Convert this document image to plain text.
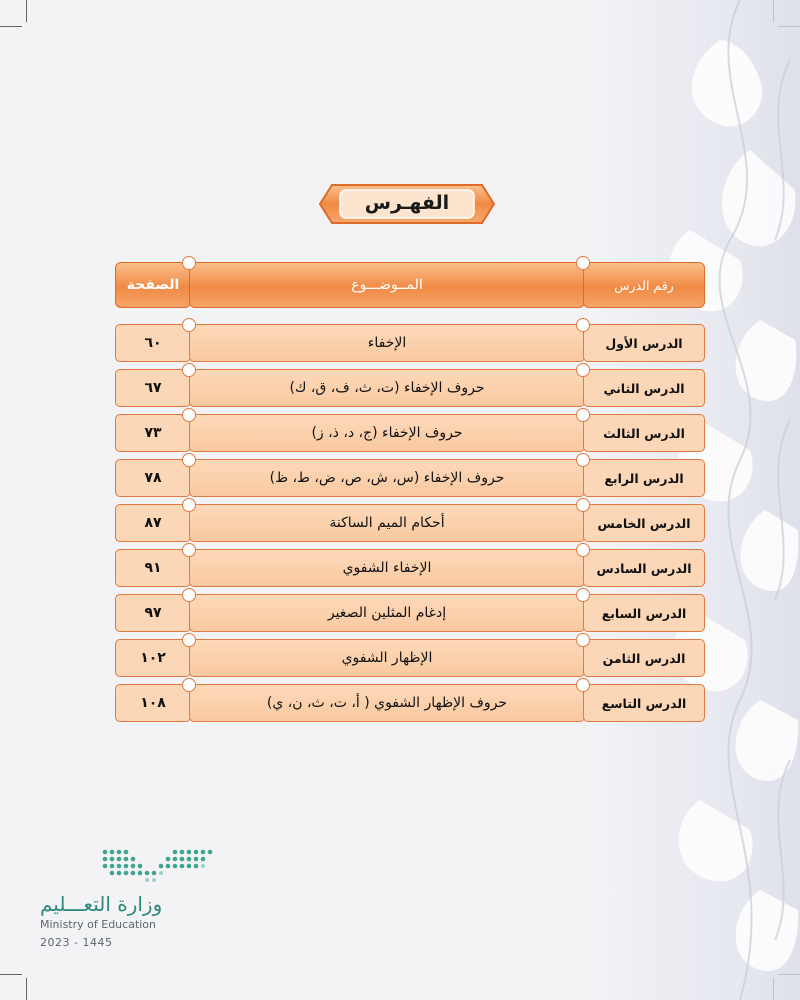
الفهـرس
الصفحة	المــوضـــوع	رقم الدرس
٦٠	الإخفاء	الدرس الأول
٦٧	حروف الإخفاء (ت، ث، ف، ق، ك)	الدرس الثاني
٧٣	حروف الإخفاء (ج، د، ذ، ز)	الدرس الثالث
٧٨	حروف الإخفاء (س، ش، ص، ض، ط، ظ)	الدرس الرابع
٨٧	أحكام الميم الساكنة	الدرس الخامس
٩١	الإخفاء الشفوي	الدرس السادس
٩٧	إدغام المثلين الصغير	الدرس السابع
١٠٢	الإظهار الشفوي	الدرس الثامن
١٠٨	حروف الإظهار الشفوي ( أ، ت، ث، ن، ي)	الدرس التاسع
وزارة التعـــليم
Ministry of Education
2023 - 1445
